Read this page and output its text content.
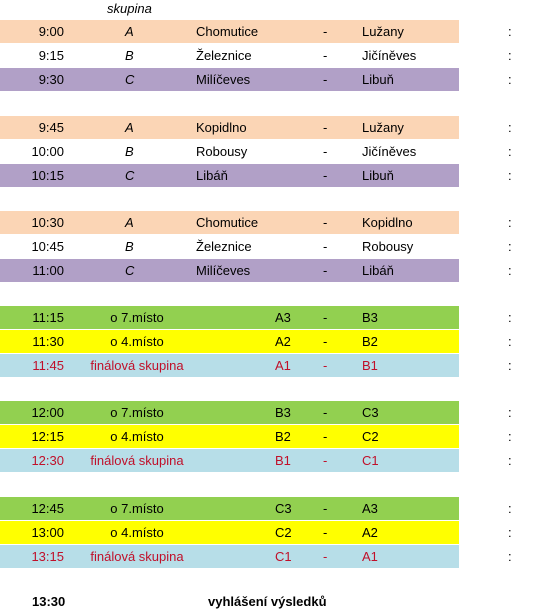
skupina
9:00	A	Chomutice	-	Lužany	:
9:15	B	Železnice	-	Jičíněves	:
9:30	C	Milíčeves	-	Libuň	:
9:45	A	Kopidlno	-	Lužany	:
10:00	B	Robousy	-	Jičíněves	:
10:15	C	Libáň	-	Libuň	:
10:30	A	Chomutice	-	Kopidlno	:
10:45	B	Železnice	-	Robousy	:
11:00	C	Milíčeves	-	Libáň	:
11:15	o 7.místo	A3 -	B3	:
11:30	o 4.místo	A2 -	B2	:
11:45	finálová skupina	A1 -	B1	:
12:00	o 7.místo	B3 -	C3	:
12:15	o 4.místo	B2 -	C2	:
12:30	finálová skupina	B1 -	C1	:
12:45	o 7.místo	C3 -	A3	:
13:00	o 4.místo	C2 -	A2	:
13:15	finálová skupina	C1 -	A1	:
13:30	vyhlášení výsledků
